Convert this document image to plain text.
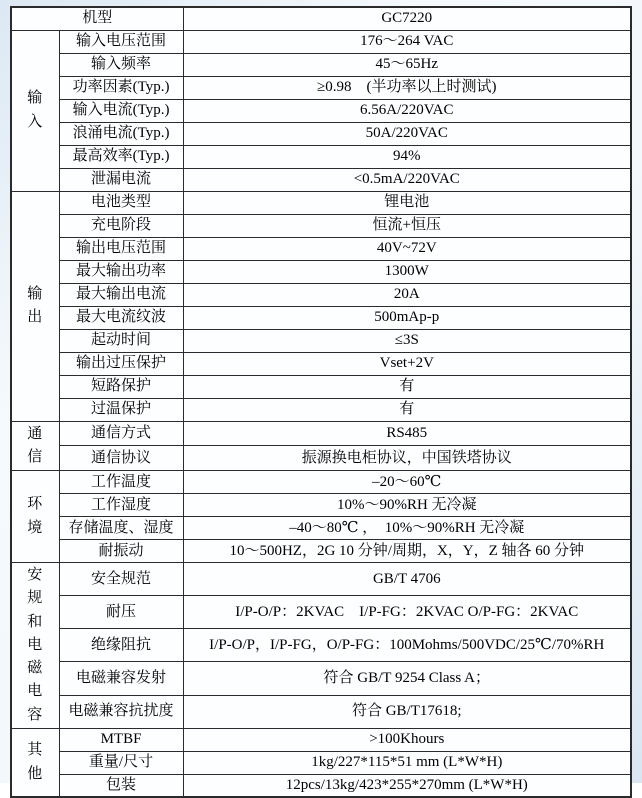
机型		GC7220
输入	输入电压范围	176～264 VAC
	输入频率	45～65Hz
	功率因素(Typ.)	≥0.98　(半功率以上时测试)
	输入电流(Typ.)	6.56A/220VAC
	浪涌电流(Typ.)	50A/220VAC
	最高效率(Typ.)	94%
	泄漏电流	<0.5mA/220VAC
输出	电池类型	锂电池
	充电阶段	恒流+恒压
	输出电压范围	40V~72V
	最大输出功率	1300W
	最大输出电流	20A
	最大电流纹波	500mAp-p
	起动时间	≤3S
	输出过压保护	Vset+2V
	短路保护	有
	过温保护	有
通信	通信方式	RS485
	通信协议	振源换电柜协议，中国铁塔协议
环境	工作温度	–20～60℃
	工作湿度	10%～90%RH 无冷凝
	存储温度、湿度	–40～80℃ ，　10%～90%RH 无冷凝
	耐振动	10～500HZ，2G 10 分钟/周期，X，Y，Z 轴各 60 分钟
安规和电磁电容	安全规范	GB/T 4706
	耐压	I/P-O/P：2KVAC　I/P-FG：2KVAC O/P-FG：2KVAC
	绝缘阻抗	I/P-O/P，I/P-FG，O/P-FG：100Mohms/500VDC/25℃/70%RH
	电磁兼容发射	符合 GB/T 9254 Class A；
	电磁兼容抗扰度	符合 GB/T17618;
其他	MTBF	>100Khours
	重量/尺寸	1kg/227*115*51 mm (L*W*H)
	包装	12pcs/13kg/423*255*270mm (L*W*H)
